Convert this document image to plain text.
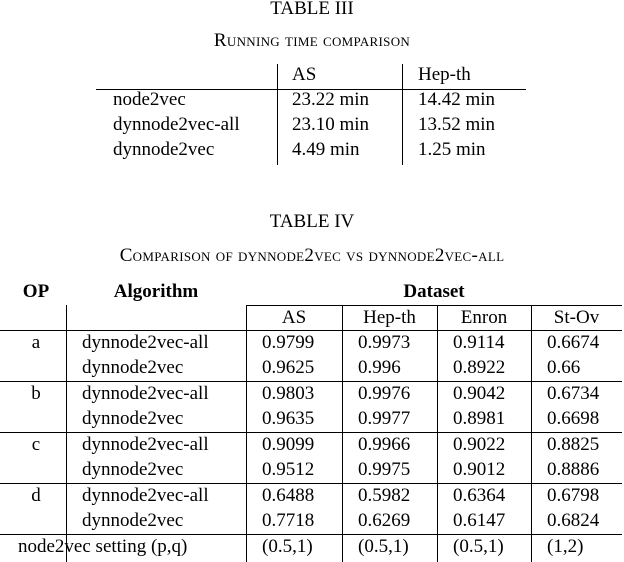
TABLE III
Running time comparison
AS	Hep-th
node2vec	23.22 min	14.42 min
dynnode2vec-all	23.10 min	13.52 min
dynnode2vec	4.49 min	1.25 min
TABLE IV
Comparison of dynnode2vec vs dynnode2vec-all
OP	Algorithm	Dataset
AS	Hep-th	Enron	St-Ov
a	dynnode2vec-all	0.9799 0.9973 0.9114 0.6674
dynnode2vec	0.9625 0.996	0.8922 0.66
b	dynnode2vec-all	0.9803 0.9976 0.9042 0.6734
dynnode2vec	0.9635 0.9977 0.8981 0.6698
c	dynnode2vec-all	0.9099 0.9966 0.9022 0.8825
dynnode2vec	0.9512 0.9975 0.9012 0.8886
d	dynnode2vec-all	0.6488 0.5982 0.6364 0.6798
dynnode2vec	0.7718 0.6269 0.6147 0.6824
node2vec setting (p,q)	(0.5,1) (0.5,1) (0.5,1) (1,2)
